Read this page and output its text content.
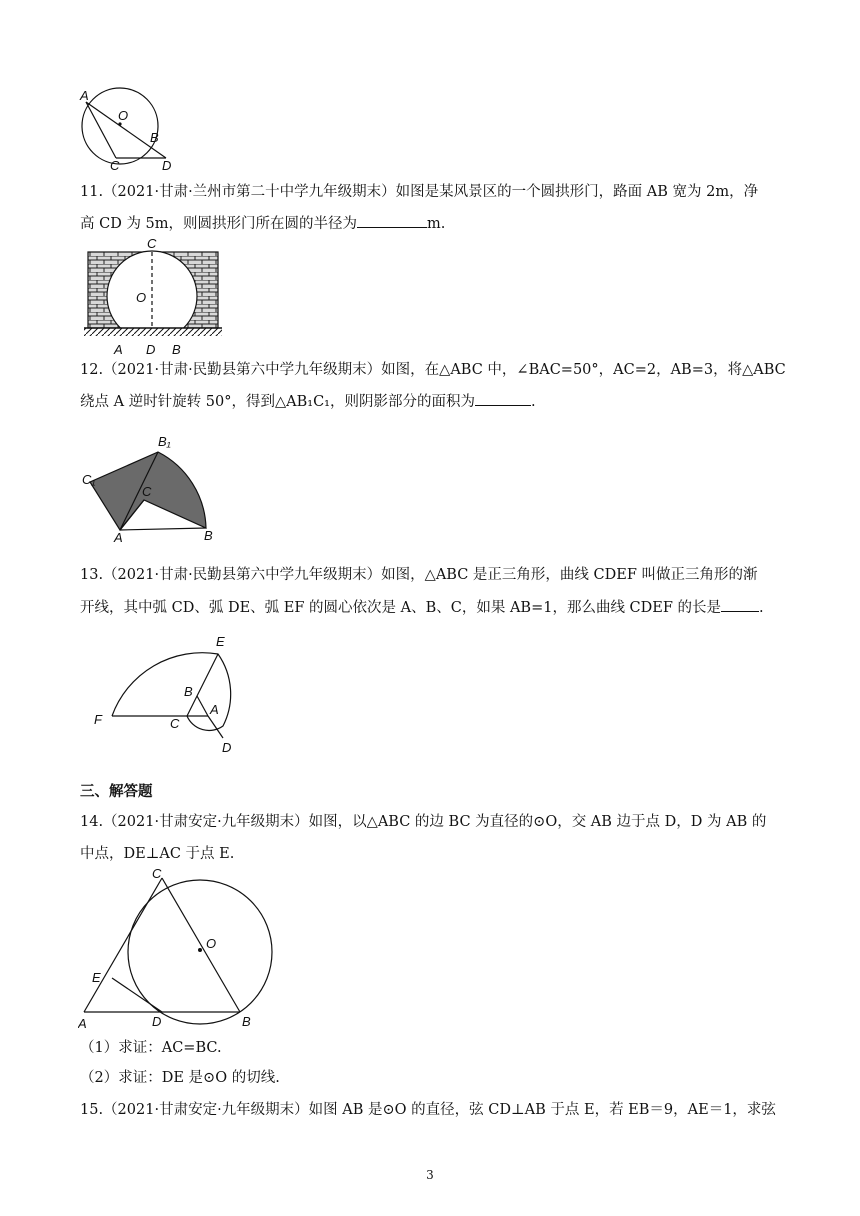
A
O
B
C	D
11.（2021·甘肃·兰州市第二十中学九年级期末）如图是某风景区的一个圆拱形门，路面 AB 宽为 2m，净
高 CD 为 5m，则圆拱形门所在圆的半径为	m.
C
O
A D B
12.（2021·甘肃·民勤县第六中学九年级期末）如图，在△ABC 中，∠BAC=50°，AC=2，AB=3，将△ABC
绕点 A 逆时针旋转 50°，得到△AB₁C₁，则阴影部分的面积为	.
B₁
C₁
C
A	B
13.（2021·甘肃·民勤县第六中学九年级期末）如图，△ABC 是正三角形，曲线 CDEF 叫做正三角形的渐
开线，其中弧 CD、弧 DE、弧 EF 的圆心依次是 A、B、C，如果 AB=1，那么曲线 CDEF 的长是	.
E
B
A
F	C
D
三、解答题
14.（2021·甘肃安定·九年级期末）如图，以△ABC 的边 BC 为直径的⊙O，交 AB 边于点 D，D 为 AB 的
中点，DE⊥AC 于点 E.
C
O
E
A	D	B
（1）求证：AC=BC.
（2）求证：DE 是⊙O 的切线.
15.（2021·甘肃安定·九年级期末）如图 AB 是⊙O 的直径，弦 CD⊥AB 于点 E，若 EB＝9，AE＝1，求弦
3
